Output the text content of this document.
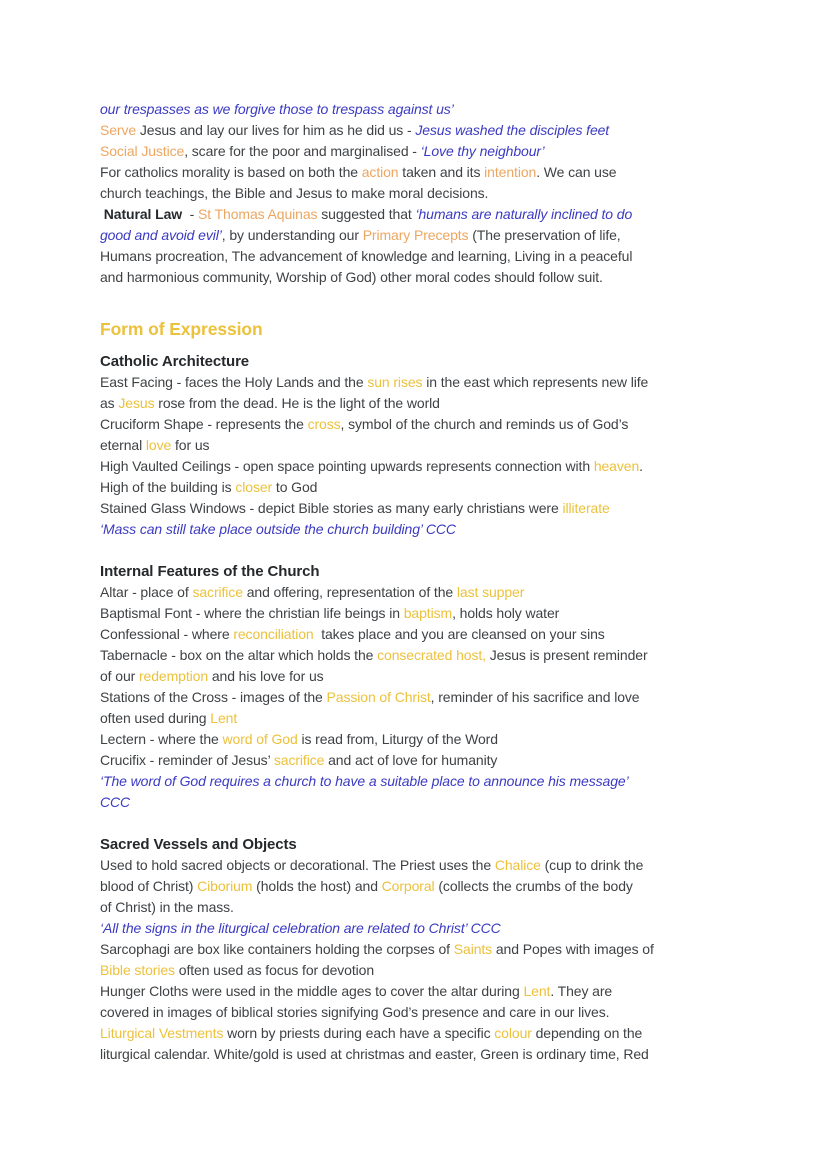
our trespasses as we forgive those to trespass against us’
Serve Jesus and lay our lives for him as he did us - Jesus washed the disciples feet
Social Justice, scare for the poor and marginalised - ‘Love thy neighbour’
For catholics morality is based on both the action taken and its intention. We can use
church teachings, the Bible and Jesus to make moral decisions.
Natural Law  - St Thomas Aquinas suggested that ‘humans are naturally inclined to do
good and avoid evil’, by understanding our Primary Precepts (The preservation of life,
Humans procreation, The advancement of knowledge and learning, Living in a peaceful
and harmonious community, Worship of God) other moral codes should follow suit.
Form of Expression
Catholic Architecture
East Facing - faces the Holy Lands and the sun rises in the east which represents new life
as Jesus rose from the dead. He is the light of the world
Cruciform Shape - represents the cross, symbol of the church and reminds us of God’s
eternal love for us
High Vaulted Ceilings - open space pointing upwards represents connection with heaven.
High of the building is closer to God
Stained Glass Windows - depict Bible stories as many early christians were illiterate
‘Mass can still take place outside the church building’ CCC
Internal Features of the Church
Altar - place of sacrifice and offering, representation of the last supper
Baptismal Font - where the christian life beings in baptism, holds holy water
Confessional - where reconciliation  takes place and you are cleansed on your sins
Tabernacle - box on the altar which holds the consecrated host, Jesus is present reminder
of our redemption and his love for us
Stations of the Cross - images of the Passion of Christ, reminder of his sacrifice and love
often used during Lent
Lectern - where the word of God is read from, Liturgy of the Word
Crucifix - reminder of Jesus’ sacrifice and act of love for humanity
‘The word of God requires a church to have a suitable place to announce his message’
CCC
Sacred Vessels and Objects
Used to hold sacred objects or decorational. The Priest uses the Chalice (cup to drink the
blood of Christ) Ciborium (holds the host) and Corporal (collects the crumbs of the body
of Christ) in the mass.
‘All the signs in the liturgical celebration are related to Christ’ CCC
Sarcophagi are box like containers holding the corpses of Saints and Popes with images of
Bible stories often used as focus for devotion
Hunger Cloths were used in the middle ages to cover the altar during Lent. They are
covered in images of biblical stories signifying God’s presence and care in our lives.
Liturgical Vestments worn by priests during each have a specific colour depending on the
liturgical calendar. White/gold is used at christmas and easter, Green is ordinary time, Red
